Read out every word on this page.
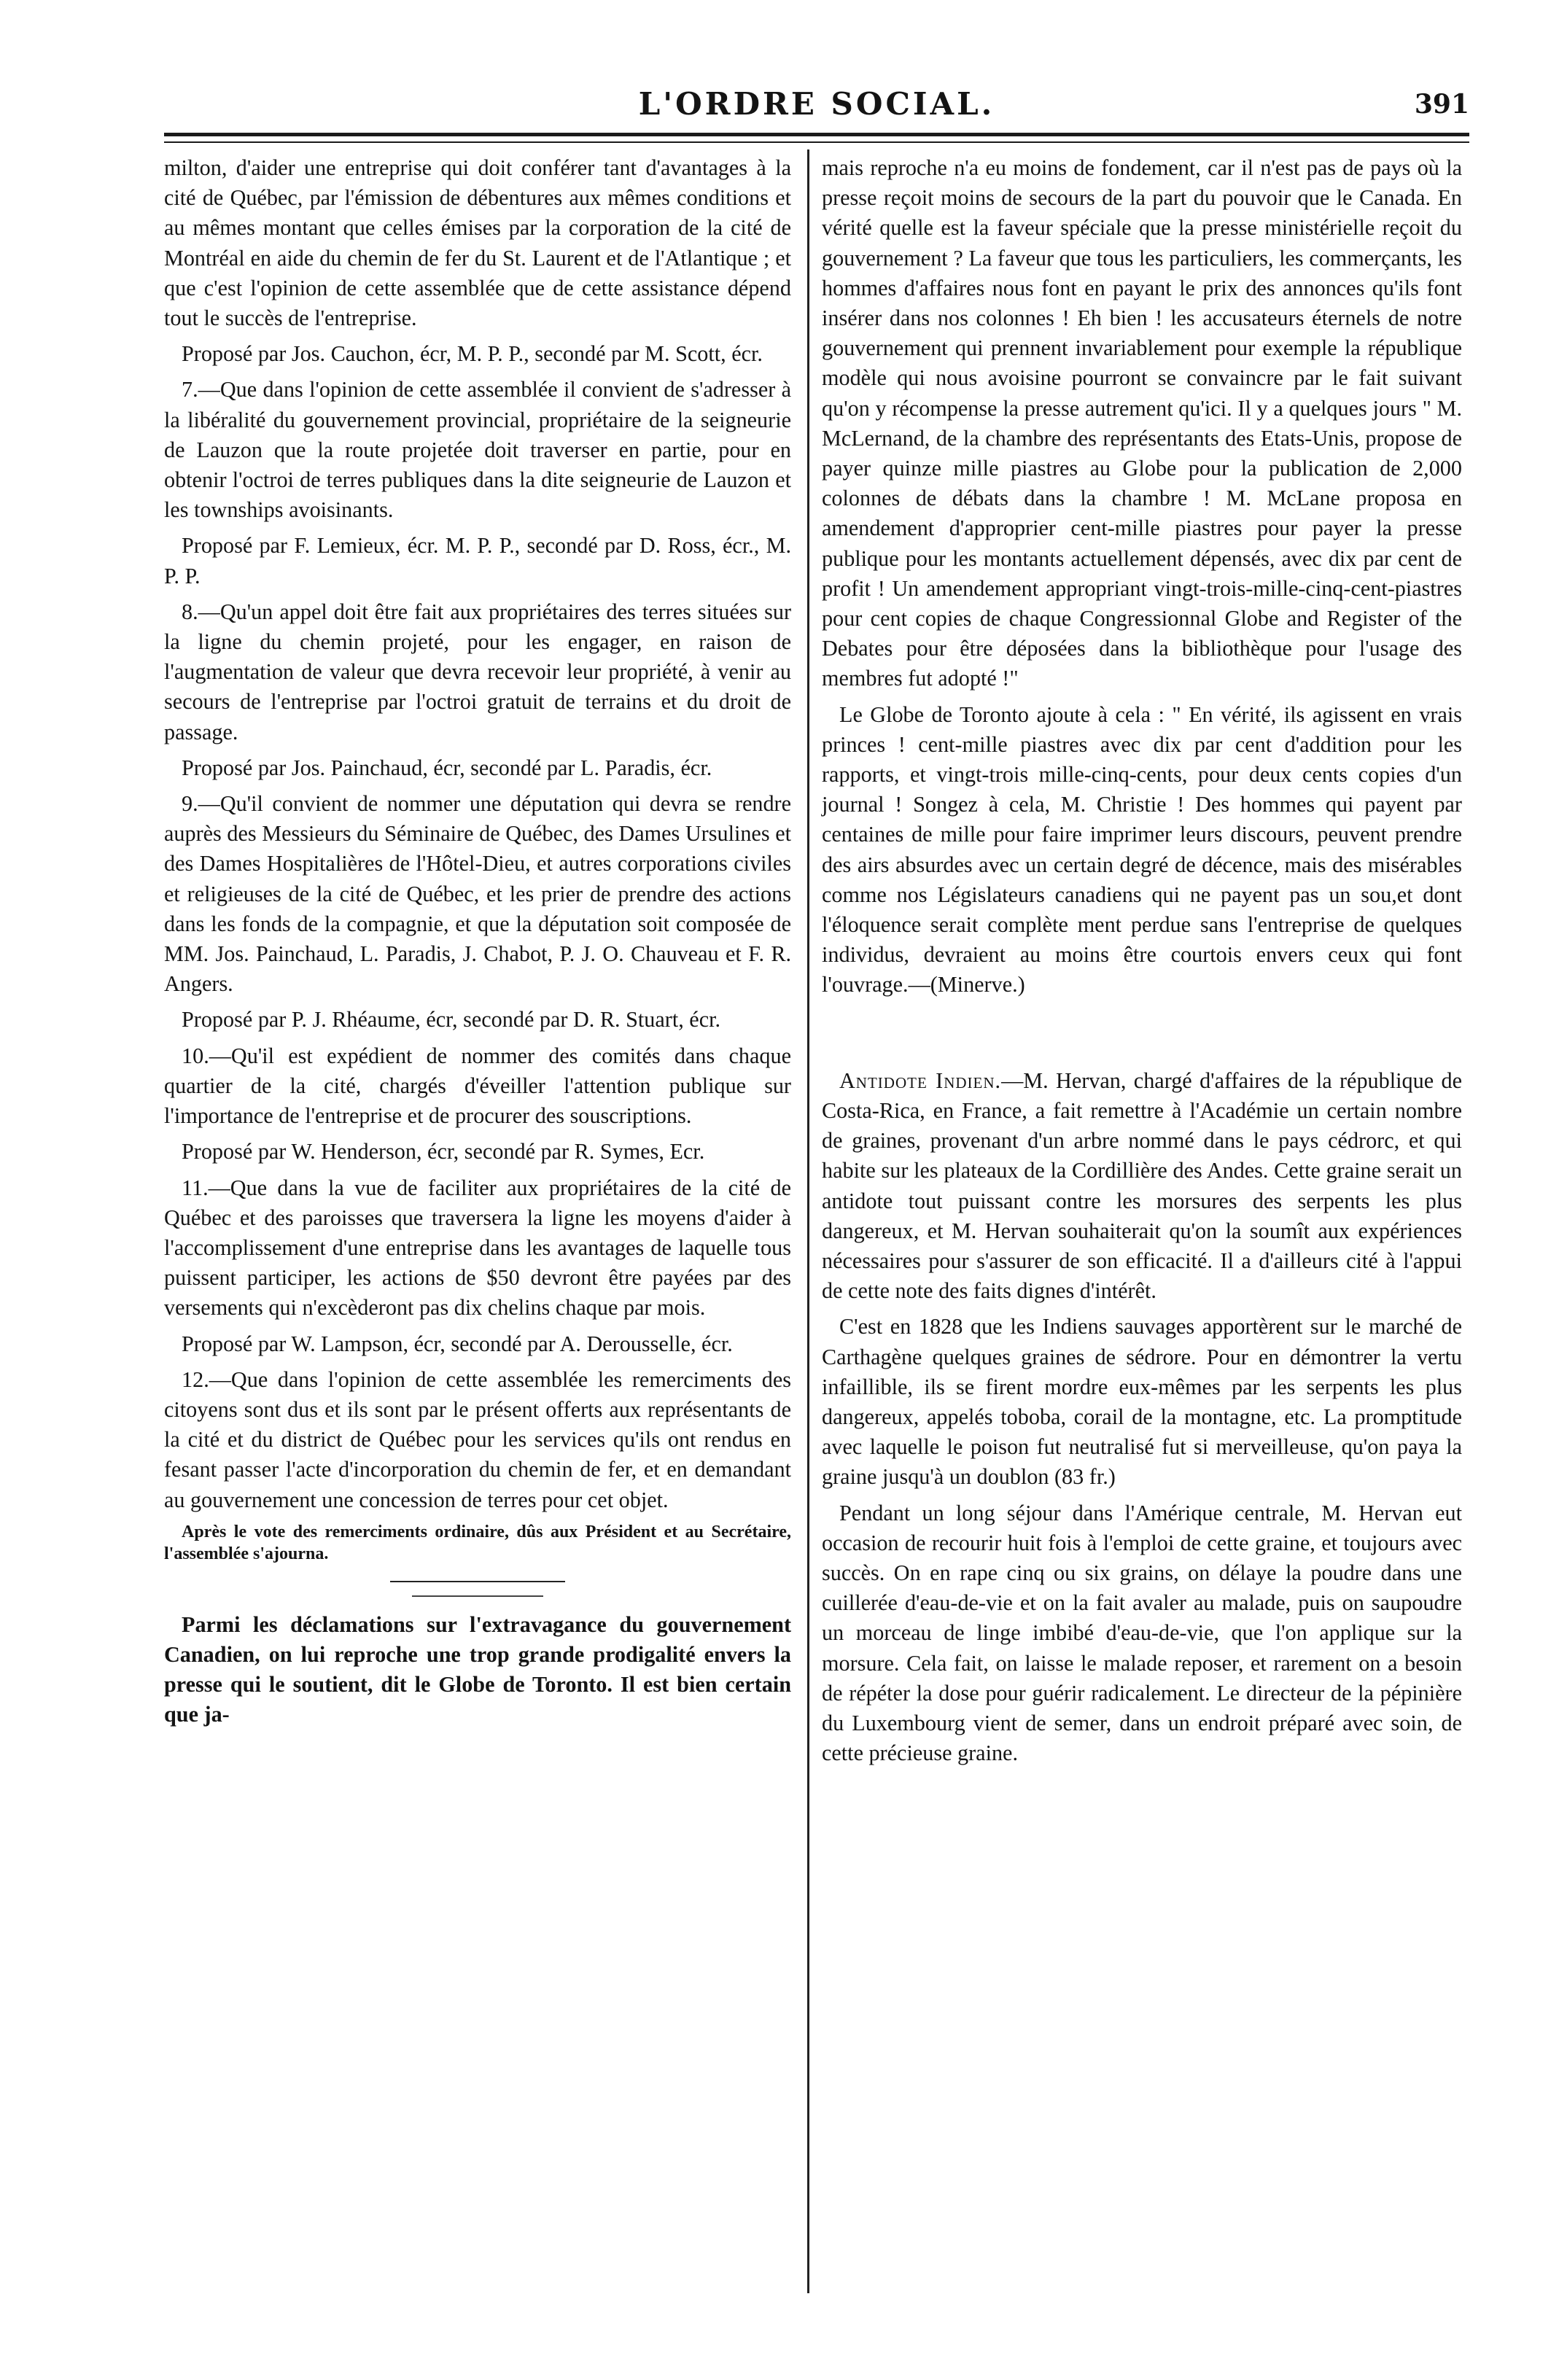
L'ORDRE SOCIAL.	391

milton, d'aider une entreprise qui doit conférer tant d'avantages à la cité de Québec, par l'émission de débentures aux mêmes conditions et au mêmes montant que celles émises par la corporation de la cité de Montréal en aide du chemin de fer du St. Laurent et de l'Atlantique ; et que c'est l'opinion de cette assemblée que de cette assistance dépend tout le succès de l'entreprise.

Proposé par Jos. Cauchon, écr, M. P. P., secondé par M. Scott, écr.

7.—Que dans l'opinion de cette assemblée il convient de s'adresser à la libéralité du gouvernement provincial, propriétaire de la seigneurie de Lauzon que la route projetée doit traverser en partie, pour en obtenir l'octroi de terres publiques dans la dite seigneurie de Lauzon et les townships avoisinants.

Proposé par F. Lemieux, écr. M. P. P., secondé par D. Ross, écr., M. P. P.

8.—Qu'un appel doit être fait aux propriétaires des terres situées sur la ligne du chemin projeté, pour les engager, en raison de l'augmentation de valeur que devra recevoir leur propriété, à venir au secours de l'entreprise par l'octroi gratuit de terrains et du droit de passage.

Proposé par Jos. Painchaud, écr, secondé par L. Paradis, écr.

9.—Qu'il convient de nommer une députation qui devra se rendre auprès des Messieurs du Séminaire de Québec, des Dames Ursulines et des Dames Hospitalières de l'Hôtel-Dieu, et autres corporations civiles et religieuses de la cité de Québec, et les prier de prendre des actions dans les fonds de la compagnie, et que la députation soit composée de MM. Jos. Painchaud, L. Paradis, J. Chabot, P. J. O. Chauveau et F. R. Angers.

Proposé par P. J. Rhéaume, écr, secondé par D. R. Stuart, écr.

10.—Qu'il est expédient de nommer des comités dans chaque quartier de la cité, chargés d'éveiller l'attention publique sur l'importance de l'entreprise et de procurer des souscriptions.

Proposé par W. Henderson, écr, secondé par R. Symes, Ecr.

11.—Que dans la vue de faciliter aux propriétaires de la cité de Québec et des paroisses que traversera la ligne les moyens d'aider à l'accomplissement d'une entreprise dans les avantages de laquelle tous puissent participer, les actions de $50 devront être payées par des versements qui n'excèderont pas dix chelins chaque par mois.

Proposé par W. Lampson, écr, secondé par A. Derousselle, écr.

12.—Que dans l'opinion de cette assemblée les remerciments des citoyens sont dus et ils sont par le présent offerts aux représentants de la cité et du district de Québec pour les services qu'ils ont rendus en fesant passer l'acte d'incorporation du chemin de fer, et en demandant au gouvernement une concession de terres pour cet objet.

Après le vote des remerciments ordinaire, dûs aux Président et au Secrétaire, l'assemblée s'ajourna.

Parmi les déclamations sur l'extravagance du gouvernement Canadien, on lui reproche une trop grande prodigalité envers la presse qui le soutient, dit le Globe de Toronto. Il est bien certain que ja-

mais reproche n'a eu moins de fondement, car il n'est pas de pays où la presse reçoit moins de secours de la part du pouvoir que le Canada. En vérité quelle est la faveur spéciale que la presse ministérielle reçoit du gouvernement ? La faveur que tous les particuliers, les commerçants, les hommes d'affaires nous font en payant le prix des annonces qu'ils font insérer dans nos colonnes ! Eh bien ! les accusateurs éternels de notre gouvernement qui prennent invariablement pour exemple la république modèle qui nous avoisine pourront se convaincre par le fait suivant qu'on y récompense la presse autrement qu'ici. Il y a quelques jours " M. McLernand, de la chambre des représentants des Etats-Unis, propose de payer quinze mille piastres au Globe pour la publication de 2,000 colonnes de débats dans la chambre ! M. McLane proposa en amendement d'approprier cent-mille piastres pour payer la presse publique pour les montants actuellement dépensés, avec dix par cent de profit ! Un amendement appropriant vingt-trois-mille-cinq-cent-piastres pour cent copies de chaque Congressionnal Globe and Register of the Debates pour être déposées dans la bibliothèque pour l'usage des membres fut adopté !"

Le Globe de Toronto ajoute à cela : " En vérité, ils agissent en vrais princes ! cent-mille piastres avec dix par cent d'addition pour les rapports, et vingt-trois mille-cinq-cents, pour deux cents copies d'un journal ! Songez à cela, M. Christie ! Des hommes qui payent par centaines de mille pour faire imprimer leurs discours, peuvent prendre des airs absurdes avec un certain degré de décence, mais des misérables comme nos Législateurs canadiens qui ne payent pas un sou,et dont l'éloquence serait complète ment perdue sans l'entreprise de quelques individus, devraient au moins être courtois envers ceux qui font l'ouvrage.—(Minerve.)

Antidote Indien.—M. Hervan, chargé d'affaires de la république de Costa-Rica, en France, a fait remettre à l'Académie un certain nombre de graines, provenant d'un arbre nommé dans le pays cédrorc, et qui habite sur les plateaux de la Cordillière des Andes. Cette graine serait un antidote tout puissant contre les morsures des serpents les plus dangereux, et M. Hervan souhaiterait qu'on la soumît aux expériences nécessaires pour s'assurer de son efficacité. Il a d'ailleurs cité à l'appui de cette note des faits dignes d'intérêt.

C'est en 1828 que les Indiens sauvages apportèrent sur le marché de Carthagène quelques graines de sédrore. Pour en démontrer la vertu infaillible, ils se firent mordre eux-mêmes par les serpents les plus dangereux, appelés toboba, corail de la montagne, etc. La promptitude avec laquelle le poison fut neutralisé fut si merveilleuse, qu'on paya la graine jusqu'à un doublon (83 fr.)

Pendant un long séjour dans l'Amérique centrale, M. Hervan eut occasion de recourir huit fois à l'emploi de cette graine, et toujours avec succès. On en rape cinq ou six grains, on délaye la poudre dans une cuillerée d'eau-de-vie et on la fait avaler au malade, puis on saupoudre un morceau de linge imbibé d'eau-de-vie, que l'on applique sur la morsure. Cela fait, on laisse le malade reposer, et rarement on a besoin de répéter la dose pour guérir radicalement. Le directeur de la pépinière du Luxembourg vient de semer, dans un endroit préparé avec soin, de cette précieuse graine.
